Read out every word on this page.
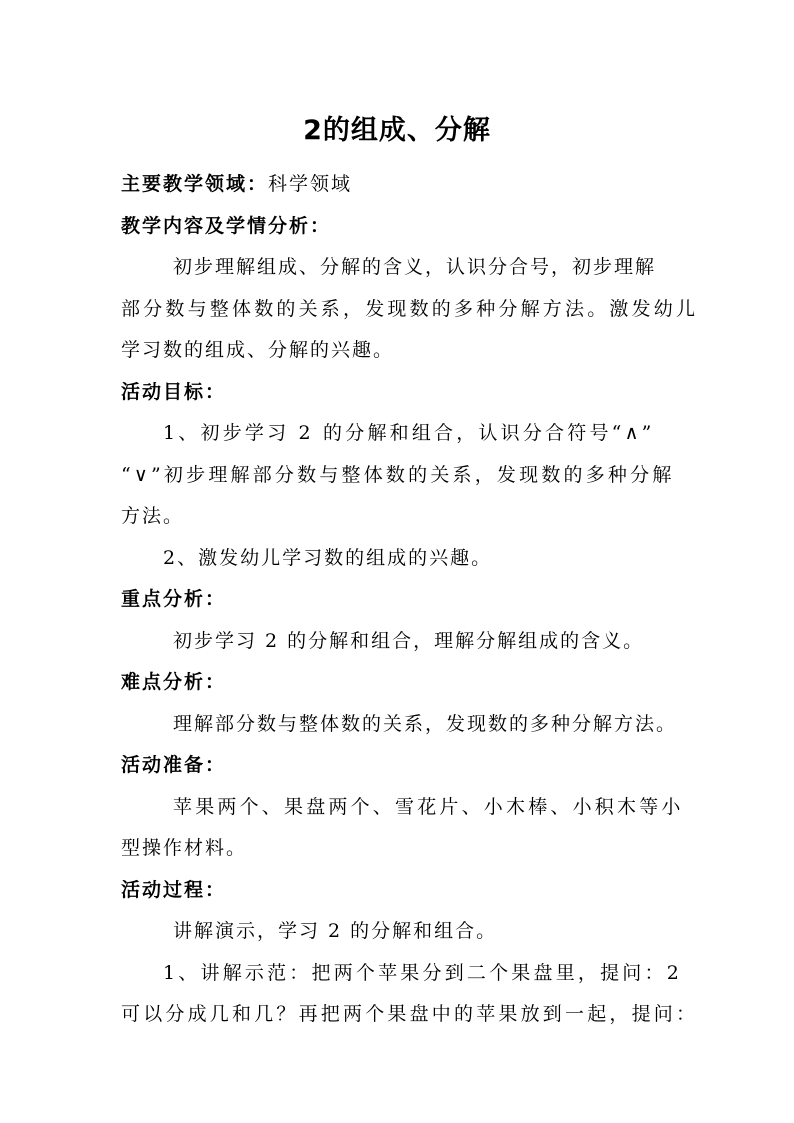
2的组成、分解
主要教学领域：科学领域
教学内容及学情分析：
初步理解组成、分解的含义，认识分合号，初步理解
部分数与整体数的关系，发现数的多种分解方法。激发幼儿
学习数的组成、分解的兴趣。
活动目标：
1、初步学习 2 的分解和组合，认识分合符号“∧”
“∨”初步理解部分数与整体数的关系，发现数的多种分解
方法。
2、激发幼儿学习数的组成的兴趣。
重点分析：
初步学习 2 的分解和组合，理解分解组成的含义。
难点分析：
理解部分数与整体数的关系，发现数的多种分解方法。
活动准备：
苹果两个、果盘两个、雪花片、小木棒、小积木等小
型操作材料。
活动过程：
讲解演示，学习 2 的分解和组合。
1、讲解示范：把两个苹果分到二个果盘里，提问：2
可以分成几和几？再把两个果盘中的苹果放到一起，提问：
